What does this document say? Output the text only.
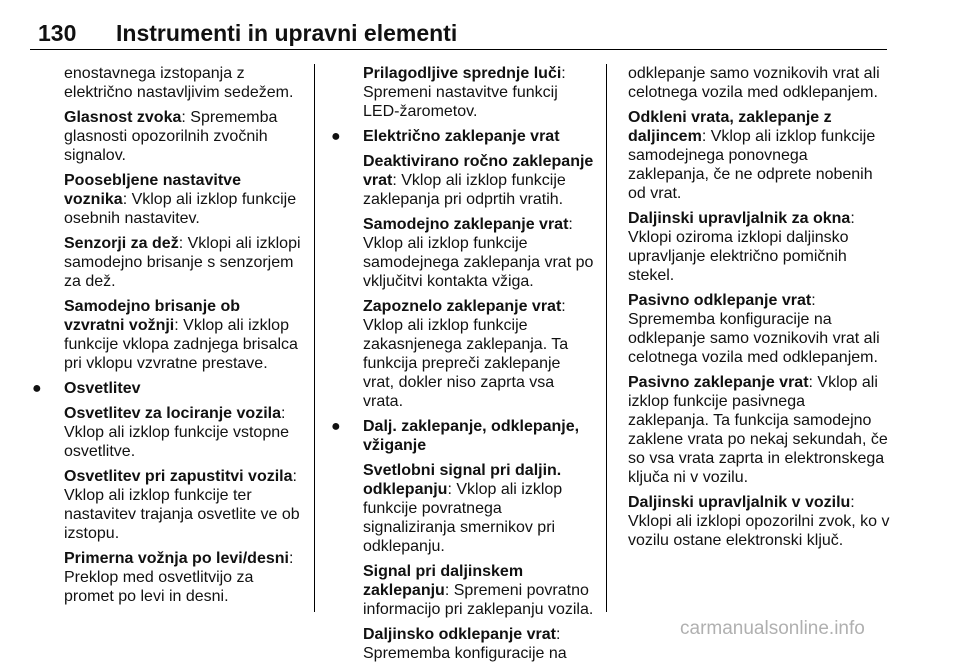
130 Instrumenti in upravni elementi

enostavnega izstopanja z električno nastavljivim sedežem.

Glasnost zvoka: Sprememba glasnosti opozorilnih zvočnih signalov.

Poosebljene nastavitve voznika: Vklop ali izklop funkcije osebnih nastavitev.

Senzorji za dež: Vklopi ali izklopi samodejno brisanje s senzorjem za dež.

Samodejno brisanje ob vzvratni vožnji: Vklop ali izklop funkcije vklopa zadnjega brisalca pri vklopu vzvratne prestave.

● Osvetlitev

Osvetlitev za lociranje vozila: Vklop ali izklop funkcije vstopne osvetlitve.

Osvetlitev pri zapustitvi vozila: Vklop ali izklop funkcije ter nastavitev trajanja osvetlite ve ob izstopu.

Primerna vožnja po levi/desni: Preklop med osvetlitvijo za promet po levi in desni.

Prilagodljive sprednje luči: Spremeni nastavitve funkcij LED-žarometov.

● Električno zaklepanje vrat

Deaktivirano ročno zaklepanje vrat: Vklop ali izklop funkcije zaklepanja pri odprtih vratih.

Samodejno zaklepanje vrat: Vklop ali izklop funkcije samodejnega zaklepanja vrat po vključitvi kontakta vžiga.

Zapoznelo zaklepanje vrat: Vklop ali izklop funkcije zakasnjenega zaklepanja. Ta funkcija prepreči zaklepanje vrat, dokler niso zaprta vsa vrata.

● Dalj. zaklepanje, odklepanje, vžiganje

Svetlobni signal pri daljin. odklepanju: Vklop ali izklop funkcije povratnega signaliziranja smernikov pri odklepanju.

Signal pri daljinskem zaklepanju: Spremeni povratno informacijo pri zaklepanju vozila.

Daljinsko odklepanje vrat: Sprememba konfiguracije na

odklepanje samo voznikovih vrat ali celotnega vozila med odklepanjem.

Odkleni vrata, zaklepanje z daljincem: Vklop ali izklop funkcije samodejnega ponovnega zaklepanja, če ne odprete nobenih od vrat.

Daljinski upravljalnik za okna: Vklopi oziroma izklopi daljinsko upravljanje električno pomičnih stekel.

Pasivno odklepanje vrat: Sprememba konfiguracije na odklepanje samo voznikovih vrat ali celotnega vozila med odklepanjem.

Pasivno zaklepanje vrat: Vklop ali izklop funkcije pasivnega zaklepanja. Ta funkcija samodejno zaklene vrata po nekaj sekundah, če so vsa vrata zaprta in elektronskega ključa ni v vozilu.

Daljinski upravljalnik v vozilu: Vklopi ali izklopi opozorilni zvok, ko v vozilu ostane elektronski ključ.

carmanualsonline.info
